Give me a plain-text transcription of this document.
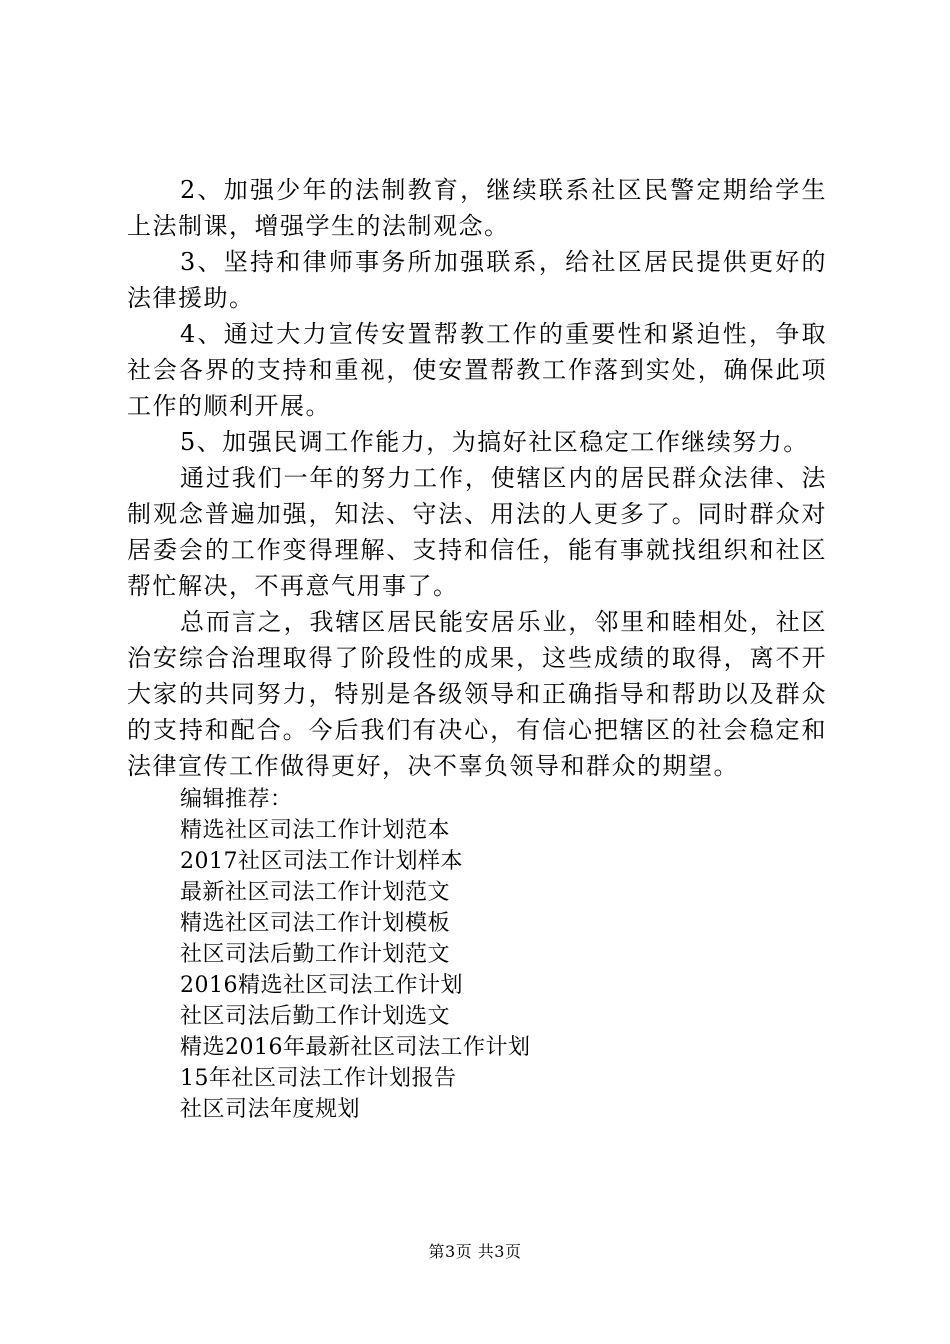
2、加强少年的法制教育，继续联系社区民警定期给学生上法制课，增强学生的法制观念。

3、坚持和律师事务所加强联系，给社区居民提供更好的法律援助。

4、通过大力宣传安置帮教工作的重要性和紧迫性，争取社会各界的支持和重视，使安置帮教工作落到实处，确保此项工作的顺利开展。

5、加强民调工作能力，为搞好社区稳定工作继续努力。

通过我们一年的努力工作，使辖区内的居民群众法律、法制观念普遍加强，知法、守法、用法的人更多了。同时群众对居委会的工作变得理解、支持和信任，能有事就找组织和社区帮忙解决，不再意气用事了。

总而言之，我辖区居民能安居乐业，邻里和睦相处，社区治安综合治理取得了阶段性的成果，这些成绩的取得，离不开大家的共同努力，特别是各级领导和正确指导和帮助以及群众的支持和配合。今后我们有决心，有信心把辖区的社会稳定和法律宣传工作做得更好，决不辜负领导和群众的期望。

编辑推荐：
精选社区司法工作计划范本
2017社区司法工作计划样本
最新社区司法工作计划范文
精选社区司法工作计划模板
社区司法后勤工作计划范文
2016精选社区司法工作计划
社区司法后勤工作计划选文
精选2016年最新社区司法工作计划
15年社区司法工作计划报告
社区司法年度规划
第3页 共3页
